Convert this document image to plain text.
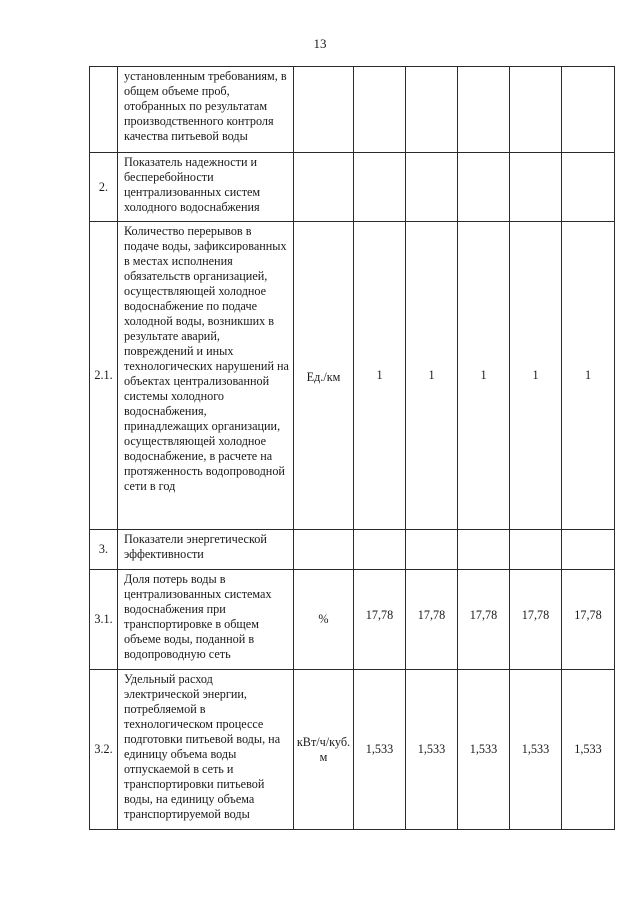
13
	установленным требованиям, в общем объеме проб, отобранных по результатам производственного контроля качества питьевой воды						
2.	Показатель надежности и бесперебойности централизованных систем холодного водоснабжения						
2.1.	Количество перерывов в подаче воды, зафиксированных в местах исполнения обязательств организацией, осуществляющей холодное водоснабжение по подаче холодной воды, возникших в результате аварий, повреждений и иных технологических нарушений на объектах централизованной системы холодного водоснабжения, принадлежащих организации, осуществляющей холодное водоснабжение, в расчете на протяженность водопроводной сети в год	Ед./км	1	1	1	1	1
3.	Показатели энергетической эффективности						
3.1.	Доля потерь воды в централизованных системах водоснабжения при транспортировке в общем объеме воды, поданной в водопроводную сеть	%	17,78	17,78	17,78	17,78	17,78
3.2.	Удельный расход электрической энергии, потребляемой в технологическом процессе подготовки питьевой воды, на единицу объема воды отпускаемой в сеть и транспортировки питьевой воды, на единицу объема транспортируемой воды	кВт/ч/куб. м	1,533	1,533	1,533	1,533	1,533
